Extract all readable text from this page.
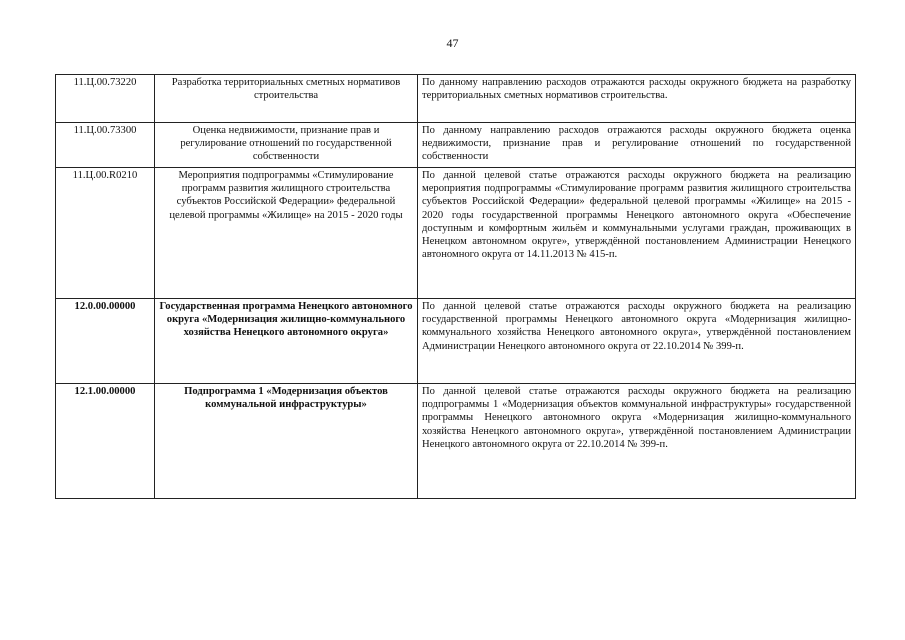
47
11.Ц.00.73220	Разработка территориальных сметных нормативов строительства	По данному направлению расходов отражаются расходы окружного бюджета на разработку территориальных сметных нормативов строительства.
11.Ц.00.73300	Оценка недвижимости, признание прав и регулирование отношений по государственной собственности	По данному направлению расходов отражаются расходы окружного бюджета оценка недвижимости, признание прав и регулирование отношений по государственной собственности
11.Ц.00.R0210	Мероприятия подпрограммы «Стимулирование программ развития жилищного строительства субъектов Российской Федерации» федеральной целевой программы «Жилище» на 2015 - 2020 годы	По данной целевой статье отражаются расходы окружного бюджета на реализацию мероприятия подпрограммы «Стимулирование программ развития жилищного строительства субъектов Российской Федерации» федеральной целевой программы «Жилище» на 2015 - 2020 годы государственной программы Ненецкого автономного округа «Обеспечение доступным и комфортным жильём и коммунальными услугами граждан, проживающих в Ненецком автономном округе», утверждённой постановлением Администрации Ненецкого автономного округа от 14.11.2013 № 415-п.
12.0.00.00000	Государственная программа Ненецкого автономного округа «Модернизация жилищно-коммунального хозяйства Ненецкого автономного округа»	По данной целевой статье отражаются расходы окружного бюджета на реализацию государственной программы Ненецкого автономного округа «Модернизация жилищно-коммунального хозяйства Ненецкого автономного округа», утверждённой постановлением Администрации Ненецкого автономного округа от 22.10.2014 № 399-п.
12.1.00.00000	Подпрограмма 1 «Модернизация объектов коммунальной инфраструктуры»	По данной целевой статье отражаются расходы окружного бюджета на реализацию подпрограммы 1 «Модернизация объектов коммунальной инфраструктуры» государственной программы Ненецкого автономного округа «Модернизация жилищно-коммунального хозяйства Ненецкого автономного округа», утверждённой постановлением Администрации Ненецкого автономного округа от 22.10.2014 № 399-п.
